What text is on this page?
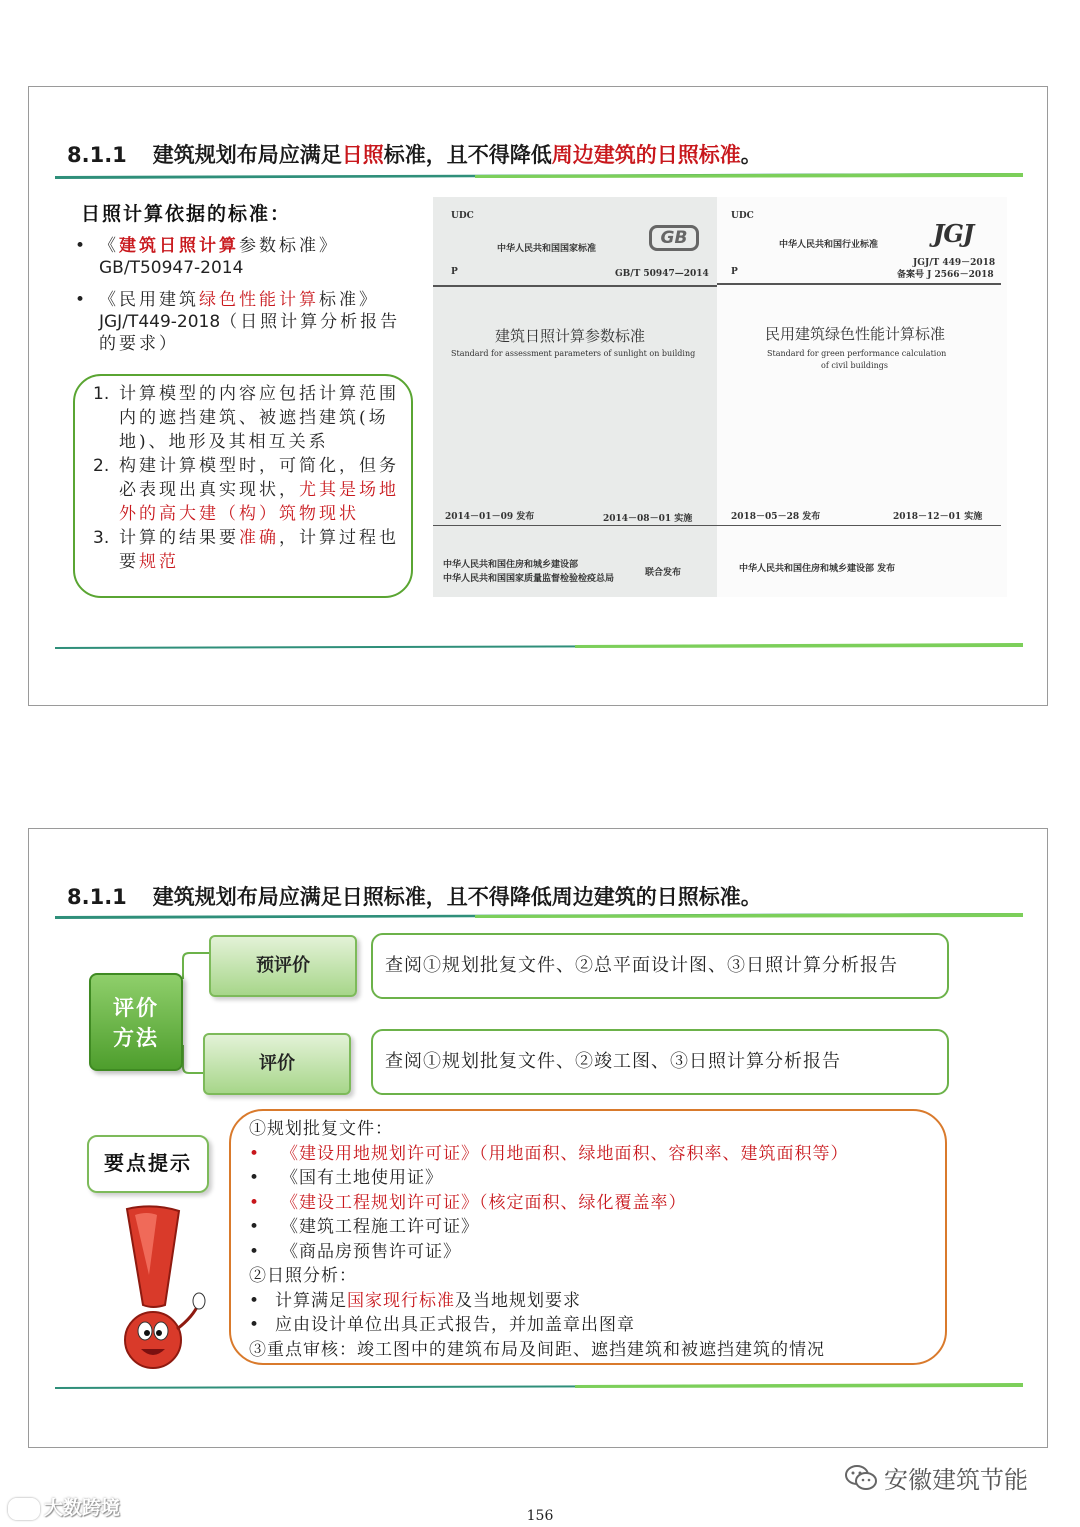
8.1.1 建筑规划布局应满足日照标准，且不得降低周边建筑的日照标准。
日照计算依据的标准：
• 《建筑日照计算参数标准》
GB/T50947-2014
• 《民用建筑绿色性能计算标准》
JGJ/T449-2018（日照计算分析报告的要求）
1. 计算模型的内容应包括计算范围内的遮挡建筑、被遮挡建筑(场地)、地形及其相互关系
2. 构建计算模型时，可简化，但务必表现出真实现状，尤其是场地外的高大建（构）筑物现状
3. 计算的结果要准确，计算过程也要规范
UDC
中华人民共和国国家标准
GB
P	GB/T 50947—2014
建筑日照计算参数标准
Standard for assessment parameters of sunlight on building
2014－01－09 发布	2014－08－01 实施
中华人民共和国住房和城乡建设部
中华人民共和国国家质量监督检验检疫总局
联合发布
UDC
中华人民共和国行业标准 JGJ
JGJ/T 449－2018
备案号 J 2566－2018
P
民用建筑绿色性能计算标准
Standard for green performance calculation
of civil buildings
2018－05－28 发布	2018－12－01 实施
中华人民共和国住房和城乡建设部 发布
8.1.1 建筑规划布局应满足日照标准，且不得降低周边建筑的日照标准。
评价方法
预评价
评价
查阅①规划批复文件、②总平面设计图、③日照计算分析报告
查阅①规划批复文件、②竣工图、③日照计算分析报告
要点提示
①规划批复文件：
• 《建设用地规划许可证》（用地面积、绿地面积、容积率、建筑面积等）
• 《国有土地使用证》
• 《建设工程规划许可证》（核定面积、绿化覆盖率）
• 《建筑工程施工许可证》
• 《商品房预售许可证》
②日照分析：
• 计算满足国家现行标准及当地规划要求
• 应由设计单位出具正式报告，并加盖章出图章
③重点审核：竣工图中的建筑布局及间距、遮挡建筑和被遮挡建筑的情况
安徽建筑节能
大数跨境	156
